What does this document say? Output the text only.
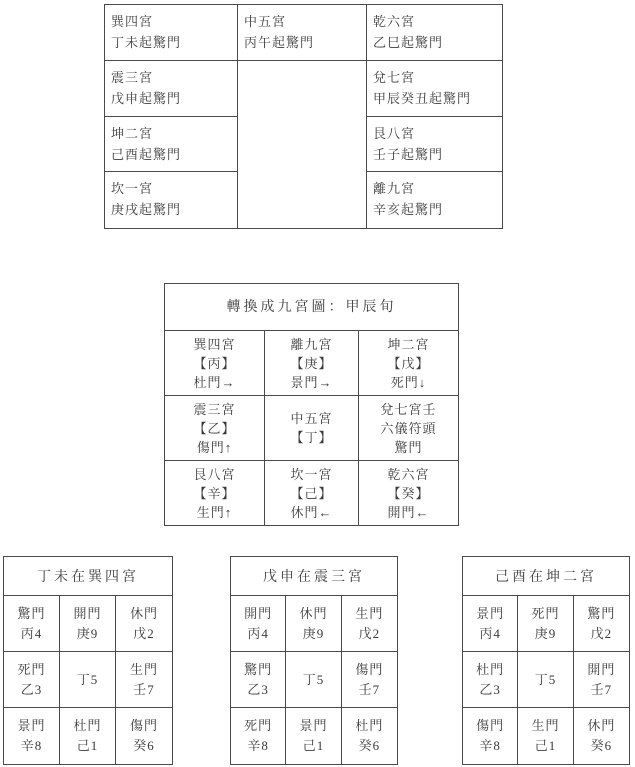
巽四宮
丁未起驚門
震三宮
戊申起驚門
坤二宮
己酉起驚門
坎一宮
庚戌起驚門
中五宮
丙午起驚門
乾六宮
乙巳起驚門
兌七宮
甲辰癸丑起驚門
艮八宮
壬子起驚門
離九宮
辛亥起驚門
轉換成九宮圖：甲辰旬
巽四宮
【丙】
杜門→
離九宮
【庚】
景門→
坤二宮
【戊】
死門↓
震三宮
【乙】
傷門↑
中五宮
【丁】
兌七宮壬
六儀符頭
驚門
艮八宮
【辛】
生門↑
坎一宮
【己】
休門←
乾六宮
【癸】
開門←
丁未在巽四宮
驚門
丙4
開門
庚9
休門
戊2
死門
乙3
丁5
生門
壬7
景門
辛8
杜門
己1
傷門
癸6
戊申在震三宮
開門
丙4
休門
庚9
生門
戊2
驚門
乙3
丁5
傷門
壬7
死門
辛8
景門
己1
杜門
癸6
己酉在坤二宮
景門
丙4
死門
庚9
驚門
戊2
杜門
乙3
丁5
開門
壬7
傷門
辛8
生門
己1
休門
癸6
